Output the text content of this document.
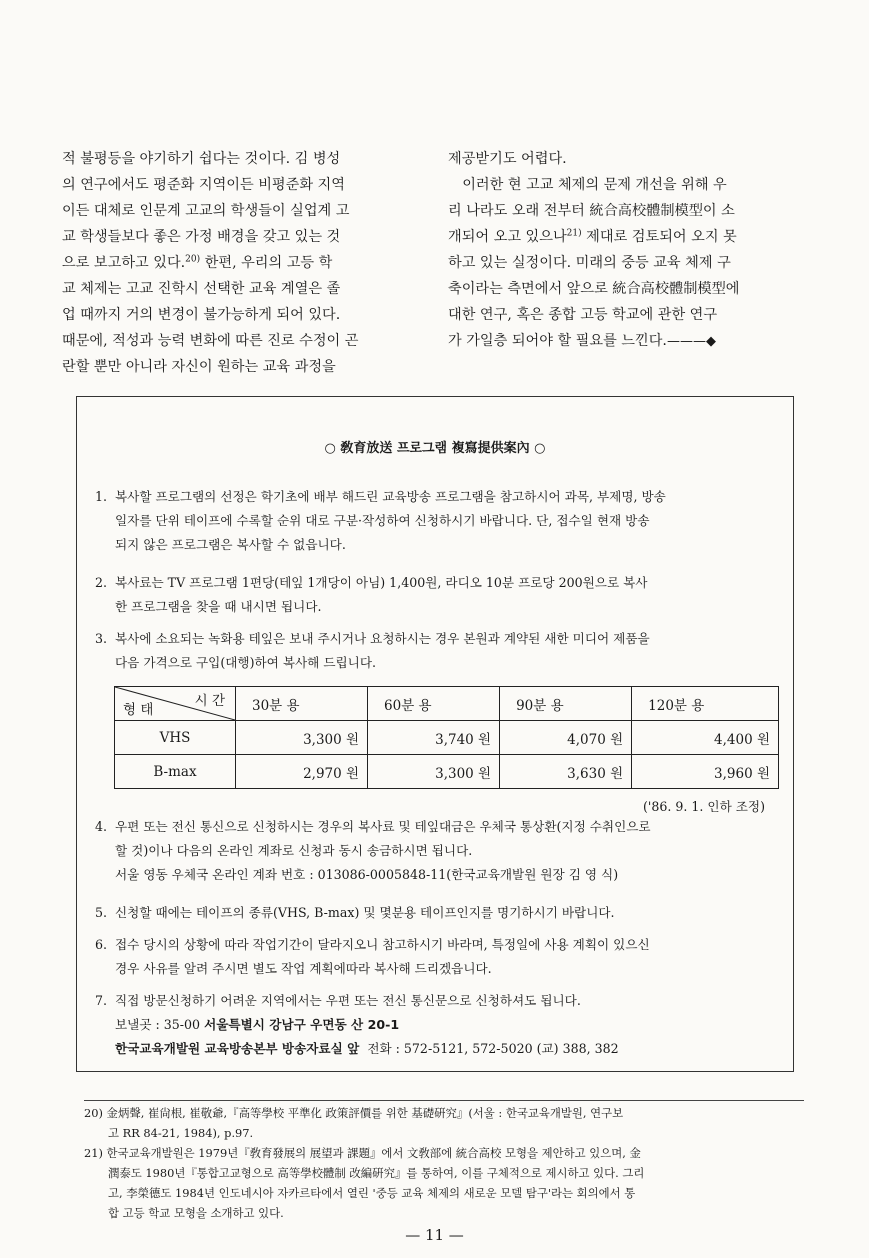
적 불평등을 야기하기 쉽다는 것이다. 김 병성

의 연구에서도 평준화 지역이든 비평준화 지역

이든 대체로 인문계 고교의 학생들이 실업계 고

교 학생들보다 좋은 가정 배경을 갖고 있는 것

으로 보고하고 있다.$^{20)}$ 한편, 우리의 고등 학

교 체제는 고교 진학시 선택한 교육 계열은 졸

업 때까지 거의 변경이 불가능하게 되어 있다.

때문에, 적성과 능력 변화에 따른 진로 수정이 곤

란할 뿐만 아니라 자신이 원하는 교육 과정을

제공받기도 어렵다.

이러한 현 고교 체제의 문제 개선을 위해 우

리 나라도 오래 전부터 統合高校體制模型이 소

개되어 오고 있으나$^{21)}$ 제대로 검토되어 오지 못

하고 있는 실정이다. 미래의 중등 교육 체제 구

축이라는 측면에서 앞으로 統合高校體制模型에

대한 연구, 혹은 종합 고등 학교에 관한 연구

가 가일층 되어야 할 필요를 느낀다.———◆

○ 敎育放送 프로그램 複寫提供案內 ○
1. 복사할 프로그램의 선정은 학기초에 배부 해드린 교육방송 프로그램을 참고하시어 과목, 부제명, 방송
일자를 단위 테이프에 수록할 순위 대로 구분·작성하여 신청하시기 바랍니다. 단, 접수일 현재 방송
되지 않은 프로그램은 복사할 수 없읍니다.
2. 복사료는 TV 프로그램 1편당(테잎 1개당이 아님) 1,400원, 라디오 10분 프로당 200원으로 복사
한 프로그램을 찾을 때 내시면 됩니다.
3. 복사에 소요되는 녹화용 테잎은 보내 주시거나 요청하시는 경우 본원과 계약된 새한 미디어 제품을
다음 가격으로 구입(대행)하여 복사해 드립니다.
4. 우편 또는 전신 통신으로 신청하시는 경우의 복사료 및 테잎대금은 우체국 통상환(지정 수취인으로
할 것)이나 다음의 온라인 계좌로 신청과 동시 송금하시면 됩니다.
서울 영동 우체국 온라인 계좌 번호 : 013086-0005848-11(한국교육개발원 원장 김 영 식)
5. 신청할 때에는 테이프의 종류(VHS, B-max) 및 몇분용 테이프인지를 명기하시기 바랍니다.
6. 접수 당시의 상황에 따라 작업기간이 달라지오니 참고하시기 바라며, 특정일에 사용 계획이 있으신
경우 사유를 알려 주시면 별도 작업 계획에따라 복사해 드리겠읍니다.
7. 직접 방문신청하기 어려운 지역에서는 우편 또는 전신 통신문으로 신청하셔도 됩니다.
보낼곳 : 35-00 서울특별시 강남구 우면동 산 20-1
한국교육개발원 교육방송본부 방송자료실 앞 전화 : 572-5121, 572-5020 (교) 388, 382
시 간
형 태	30분 용	60분 용	90분 용	120분 용
VHS	3,300 원	3,740 원	4,070 원	4,400 원
B-max	2,970 원	3,300 원	3,630 원	3,960 원
('86. 9. 1. 인하 조정)
20) 金炳聲, 崔尙根, 崔敬爺,『高等學校 平準化 政策評價를 위한 基礎硏究』(서울 : 한국교육개발원, 연구보
고 RR 84-21, 1984), p.97.
21) 한국교육개발원은 1979년『敎育發展의 展望과 課題』에서 文敎部에 統合高校 모형을 제안하고 있으며, 金
潤泰도 1980년『통합고교형으로 高等學校體制 改編硏究』를 통하여, 이를 구체적으로 제시하고 있다. 그리
고, 李榮德도 1984년 인도네시아 자카르타에서 열린 '중등 교육 체제의 새로운 모델 탐구'라는 회의에서 통
합 고등 학교 모형을 소개하고 있다.
— 11 —
